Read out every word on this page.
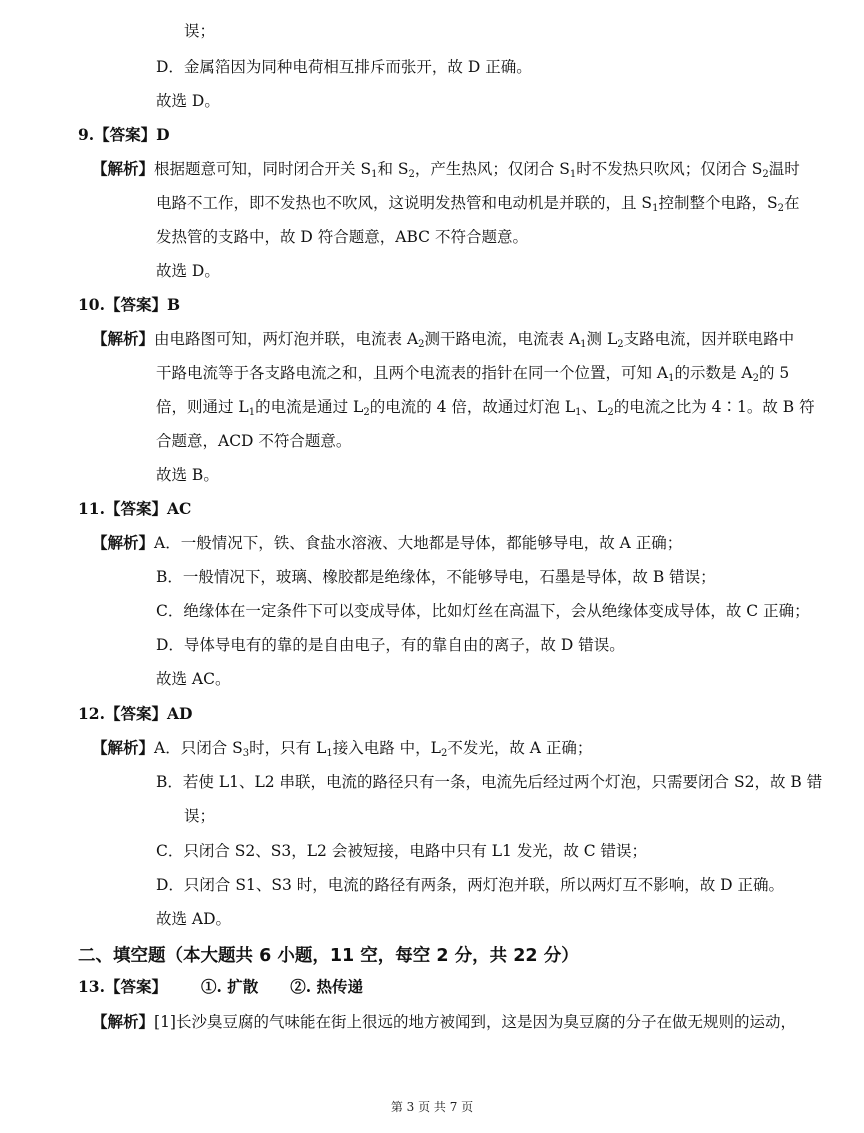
误；
D．金属箔因为同种电荷相互排斥而张开，故 D 正确。
故选 D。
9.【答案】D
【解析】根据题意可知，同时闭合开关 $S_1$和 $S_2$，产生热风；仅闭合 $S_1$时不发热只吹风；仅闭合 $S_2$温时
电路不工作，即不发热也不吹风，这说明发热管和电动机是并联的，且 $S_1$控制整个电路，$S_2$在
发热管的支路中，故 D 符合题意，ABC 不符合题意。
故选 D。
10.【答案】B
【解析】由电路图可知，两灯泡并联，电流表 $A_2$测干路电流，电流表 $A_1$测 $L_2$支路电流，因并联电路中
干路电流等于各支路电流之和，且两个电流表的指针在同一个位置，可知 $A_1$的示数是 $A_2$的 5
倍，则通过 $L_1$的电流是通过 $L_2$的电流的 4 倍，故通过灯泡 $L_1$、$L_2$的电流之比为 4∶1。故 B 符
合题意，ACD 不符合题意。
故选 B。
11.【答案】AC
【解析】A．一般情况下，铁、食盐水溶液、大地都是导体，都能够导电，故 A 正确；
B．一般情况下，玻璃、橡胶都是绝缘体，不能够导电，石墨是导体，故 B 错误；
C．绝缘体在一定条件下可以变成导体，比如灯丝在高温下，会从绝缘体变成导体，故 C 正确；
D．导体导电有的靠的是自由电子，有的靠自由的离子，故 D 错误。
故选 AC。
12.【答案】AD
【解析】A．只闭合 $S_3$时，只有 $L_1$接入电路 中，$L_2$不发光，故 A 正确；
B．若使 L1、L2 串联，电流的路径只有一条，电流先后经过两个灯泡，只需要闭合 S2，故 B 错
误；
C．只闭合 S2、S3，L2 会被短接，电路中只有 L1 发光，故 C 错误；
D．只闭合 S1、S3 时，电流的路径有两条，两灯泡并联，所以两灯互不影响，故 D 正确。
故选 AD。
二、填空题（本大题共 6 小题，11 空，每空 2 分，共 22 分）
13.【答案】 ①. 扩散 ②. 热传递
【解析】[1]长沙臭豆腐的气味能在街上很远的地方被闻到，这是因为臭豆腐的分子在做无规则的运动，
第 3 页 共 7 页
